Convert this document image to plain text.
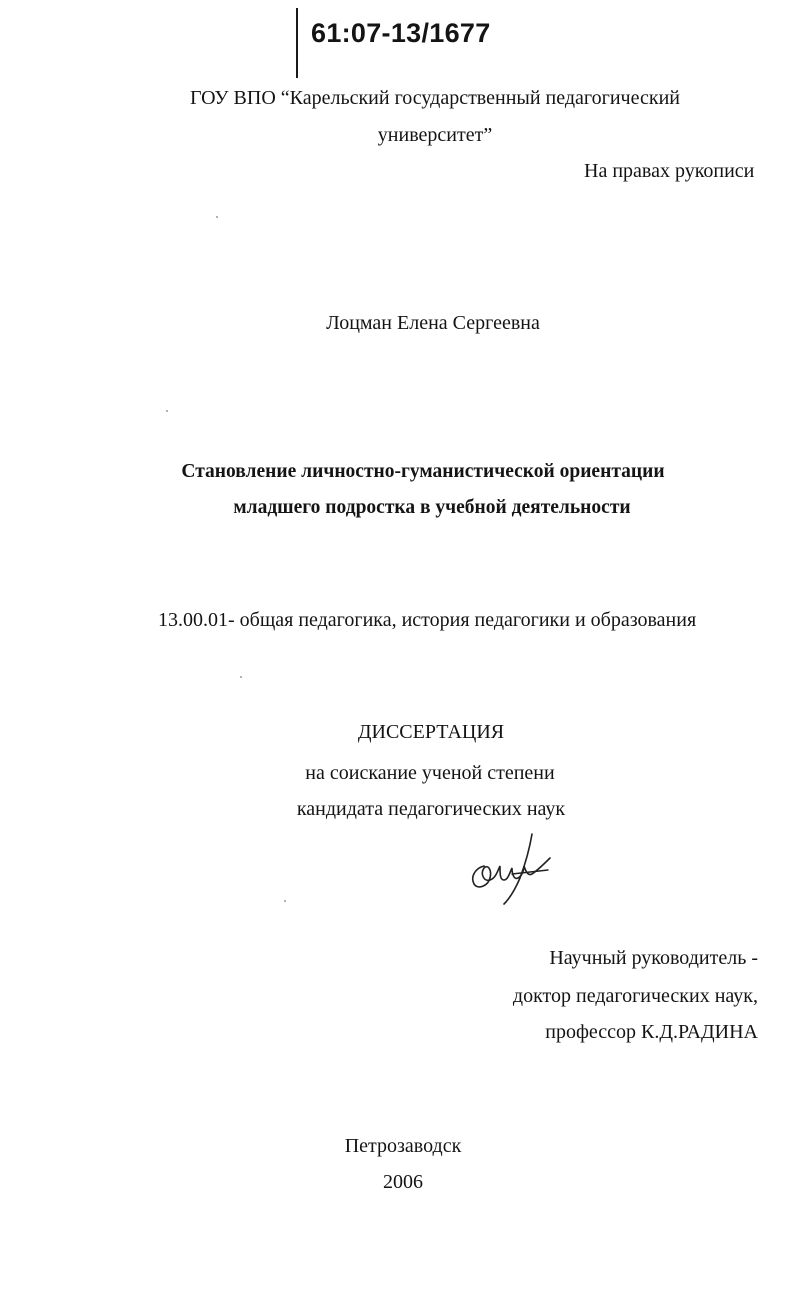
61:07-13/1677
ГОУ ВПО “Карельский государственный педагогический
университет”
На правах рукописи
Лоцман Елена Сергеевна
Становление личностно-гуманистической ориентации
младшего подростка в учебной деятельности
13.00.01- общая педагогика, история педагогики и образования
ДИССЕРТАЦИЯ
на соискание ученой степени
кандидата педагогических наук
Научный руководитель -
доктор педагогических наук,
профессор К.Д.РАДИНА
Петрозаводск
2006
